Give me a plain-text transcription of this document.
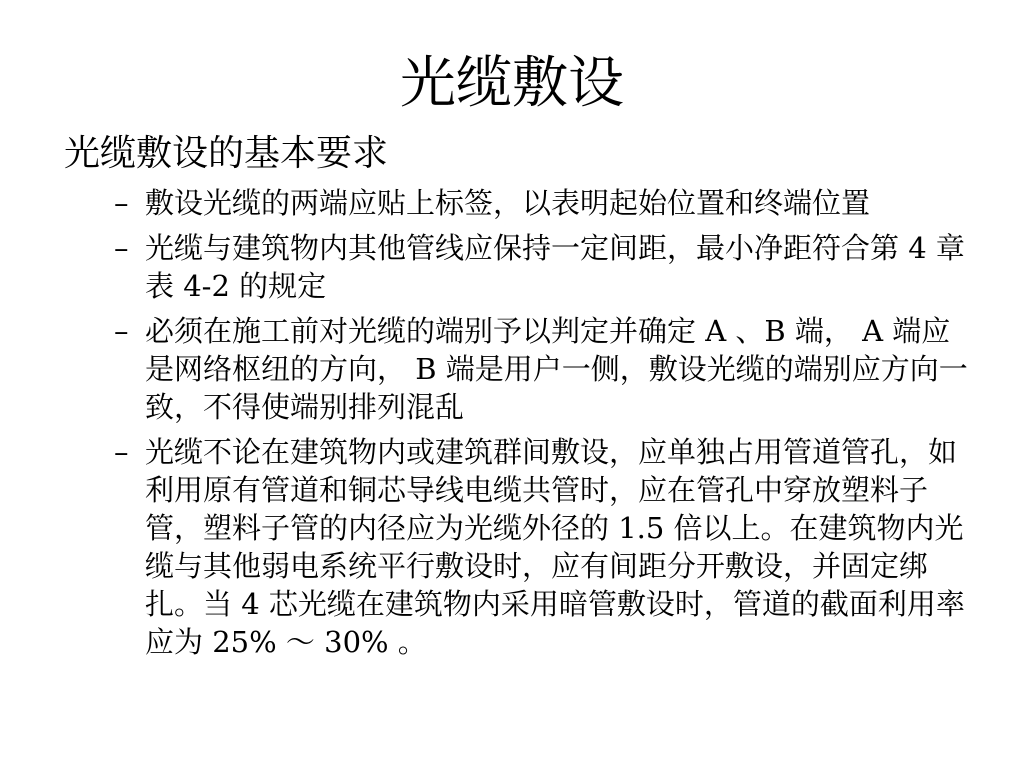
光缆敷设

光缆敷设的基本要求

– 敷设光缆的两端应贴上标签，以表明起始位置和终端位置
– 光缆与建筑物内其他管线应保持一定间距，最小净距符合第 4 章表 4-2 的规定
– 必须在施工前对光缆的端别予以判定并确定 A 、B 端， A 端应是网络枢纽的方向， B 端是用户一侧，敷设光缆的端别应方向一致，不得使端别排列混乱
– 光缆不论在建筑物内或建筑群间敷设，应单独占用管道管孔，如利用原有管道和铜芯导线电缆共管时，应在管孔中穿放塑料子管，塑料子管的内径应为光缆外径的 1.5 倍以上。在建筑物内光缆与其他弱电系统平行敷设时，应有间距分开敷设，并固定绑扎。当 4 芯光缆在建筑物内采用暗管敷设时，管道的截面利用率应为 25% ～ 30% 。
